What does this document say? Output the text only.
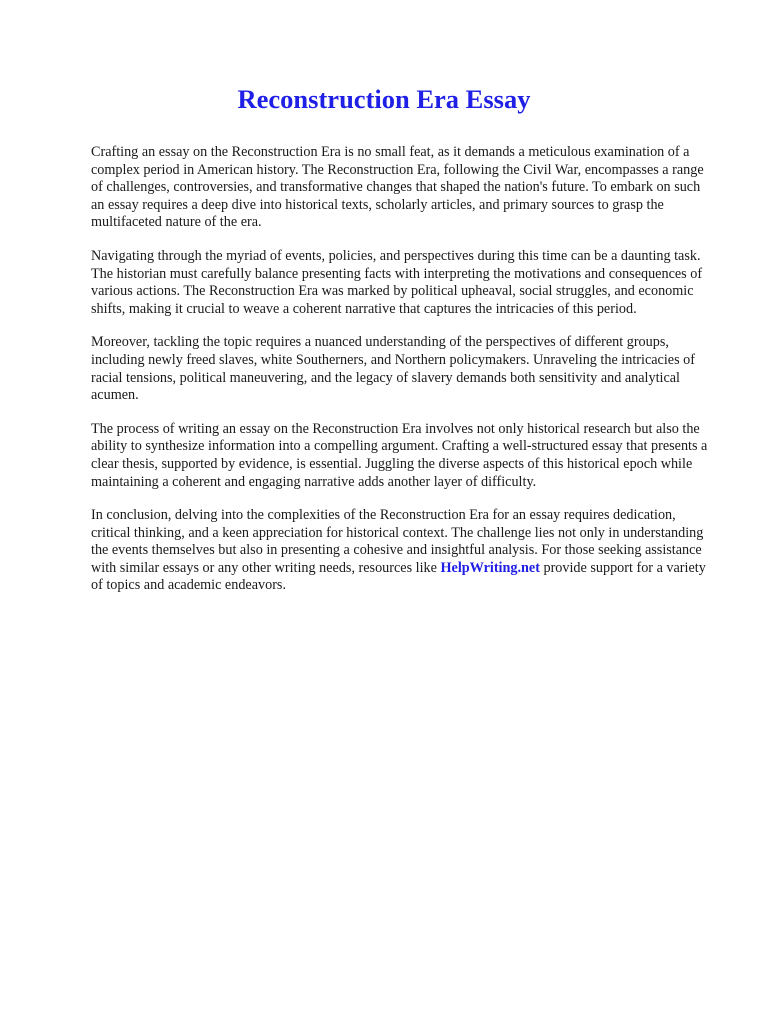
Reconstruction Era Essay

Crafting an essay on the Reconstruction Era is no small feat, as it demands a meticulous examination of a complex period in American history. The Reconstruction Era, following the Civil War, encompasses a range of challenges, controversies, and transformative changes that shaped the nation's future. To embark on such an essay requires a deep dive into historical texts, scholarly articles, and primary sources to grasp the multifaceted nature of the era.

Navigating through the myriad of events, policies, and perspectives during this time can be a daunting task. The historian must carefully balance presenting facts with interpreting the motivations and consequences of various actions. The Reconstruction Era was marked by political upheaval, social struggles, and economic shifts, making it crucial to weave a coherent narrative that captures the intricacies of this period.

Moreover, tackling the topic requires a nuanced understanding of the perspectives of different groups, including newly freed slaves, white Southerners, and Northern policymakers. Unraveling the intricacies of racial tensions, political maneuvering, and the legacy of slavery demands both sensitivity and analytical acumen.

The process of writing an essay on the Reconstruction Era involves not only historical research but also the ability to synthesize information into a compelling argument. Crafting a well-structured essay that presents a clear thesis, supported by evidence, is essential. Juggling the diverse aspects of this historical epoch while maintaining a coherent and engaging narrative adds another layer of difficulty.

In conclusion, delving into the complexities of the Reconstruction Era for an essay requires dedication, critical thinking, and a keen appreciation for historical context. The challenge lies not only in understanding the events themselves but also in presenting a cohesive and insightful analysis. For those seeking assistance with similar essays or any other writing needs, resources like HelpWriting.net provide support for a variety of topics and academic endeavors.
